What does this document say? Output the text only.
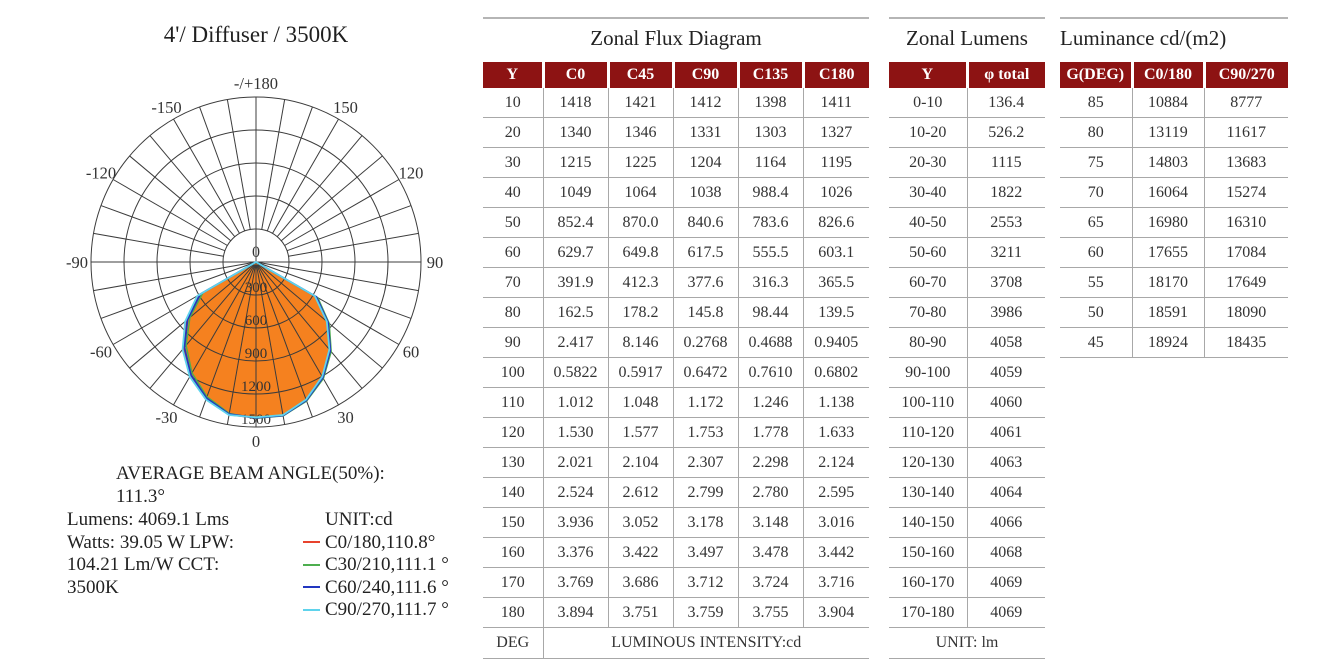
4'/ Diffuser / 3500K
300
600
900
1200
1500
0
-/+180
150
120
90
60
30
0
-30
-60
-90
-120
-150
AVERAGE BEAM ANGLE(50%):
111.3°
Lumens: 4069.1 Lms
Watts: 39.05 W LPW:
104.21 Lm/W CCT:
3500K
UNIT:cd
C0/180,110.8°
C30/210,111.1 °
C60/240,111.6 °
C90/270,111.7 °
Zonal Flux Diagram
Y	C0	C45	C90	C135	C180
10	1418	1421	1412	1398	1411
20	1340	1346	1331	1303	1327
30	1215	1225	1204	1164	1195
40	1049	1064	1038	988.4	1026
50	852.4	870.0	840.6	783.6	826.6
60	629.7	649.8	617.5	555.5	603.1
70	391.9	412.3	377.6	316.3	365.5
80	162.5	178.2	145.8	98.44	139.5
90	2.417	8.146	0.2768	0.4688	0.9405
100	0.5822	0.5917	0.6472	0.7610	0.6802
110	1.012	1.048	1.172	1.246	1.138
120	1.530	1.577	1.753	1.778	1.633
130	2.021	2.104	2.307	2.298	2.124
140	2.524	2.612	2.799	2.780	2.595
150	3.936	3.052	3.178	3.148	3.016
160	3.376	3.422	3.497	3.478	3.442
170	3.769	3.686	3.712	3.724	3.716
180	3.894	3.751	3.759	3.755	3.904
DEG	LUMINOUS INTENSITY:cd				
Zonal Lumens
Y	φ total
0-10	136.4
10-20	526.2
20-30	1115
30-40	1822
40-50	2553
50-60	3211
60-70	3708
70-80	3986
80-90	4058
90-100	4059
100-110	4060
110-120	4061
120-130	4063
130-140	4064
140-150	4066
150-160	4068
160-170	4069
170-180	4069
UNIT: lm	
Luminance cd/(m2)
G(DEG)	C0/180	C90/270
85	10884	8777
80	13119	11617
75	14803	13683
70	16064	15274
65	16980	16310
60	17655	17084
55	18170	17649
50	18591	18090
45	18924	18435
